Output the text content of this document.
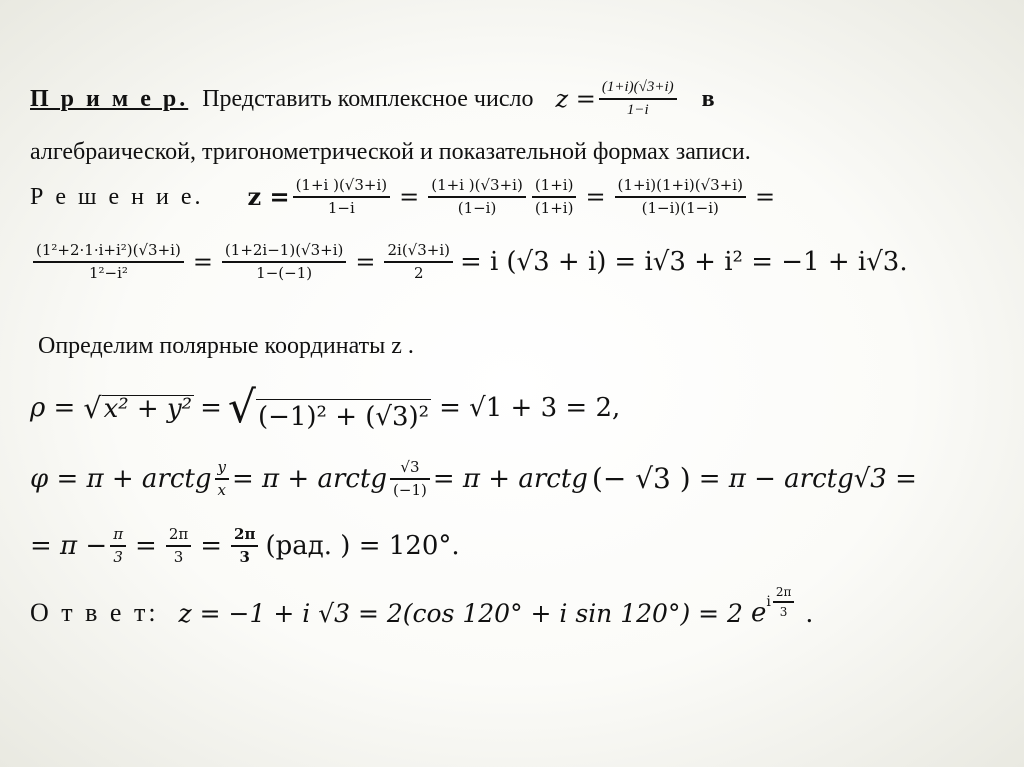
П р и м е р. Представить комплексное число $z = \frac{(1+i)(√3+i)}{1-i}$ в
алгебраической, тригонометрической и показательной формах записи.
Р е ш е н и е. $z = \frac{(1+i )(√3+i)}{1-i} = \frac{(1+i )(√3+i)}{(1-i)} \frac{(1+i)}{(1+i)} = \frac{(1+i)(1+i)(√3+i)}{(1-i)(1-i)}$ =
$\frac{\text{(1²+2·1·i+i²)(√3+i)}}{\text{1²−i²}} = \frac{(1+2i-1)(√3+i)}{1-(-1)} = \frac{2i(√3+i)}{2} = i$ (√3 + i) = i√3 + i² = −1 + i√3.
Определим полярные координаты z .
ρ = √ x² + y² = √ (−1)² + (√3)² = √1 + 3 = 2,
φ = π + arctg $\frac{y}{x} = \pi$ + arctg $\frac{√3}{(-1)} = \pi$ + arctg (− √3 ) = π − arctg√3 =
= $\pi - \frac{\pi}{3} = \frac{2\pi}{3} = \frac{2\pi}{3} (рад$. ) = 120°.
О т в е т: z = −1 + i √3 = 2(cos 120° + i sin 120°) = 2 e i $\frac{2\pi}{3}$ .
